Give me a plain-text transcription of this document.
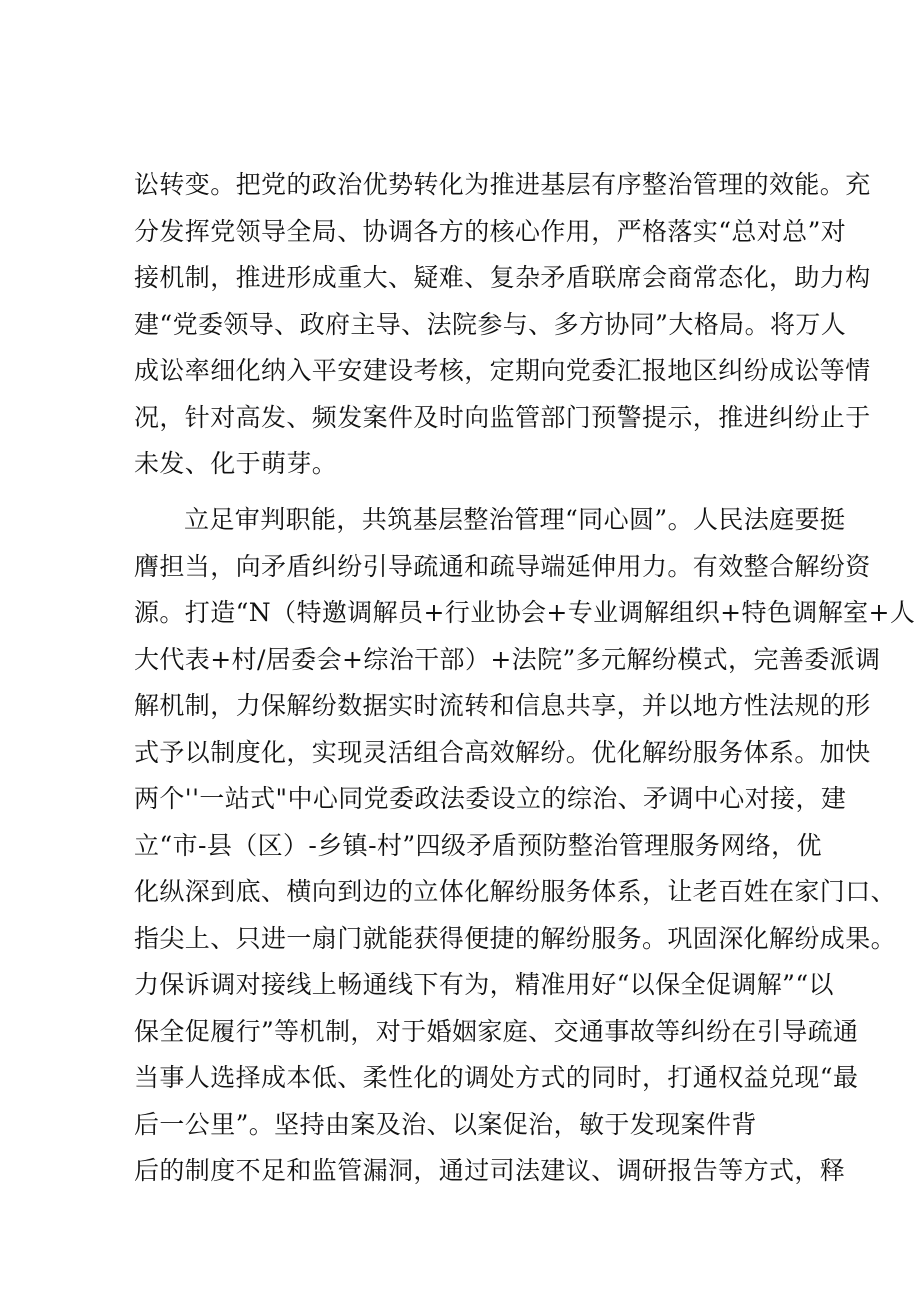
讼转变。把党的政治优势转化为推进基层有序整治管理的效能。充
分发挥党领导全局、协调各方的核心作用，严格落实“总对总”对
接机制，推进形成重大、疑难、复杂矛盾联席会商常态化，助力构
建“党委领导、政府主导、法院参与、多方协同”大格局。将万人
成讼率细化纳入平安建设考核，定期向党委汇报地区纠纷成讼等情
况，针对高发、频发案件及时向监管部门预警提示，推进纠纷止于
未发、化于萌芽。
立足审判职能，共筑基层整治管理“同心圆”。人民法庭要挺
膺担当，向矛盾纠纷引导疏通和疏导端延伸用力。有效整合解纷资
源。打造“N（特邀调解员+行业协会+专业调解组织+特色调解室+人
大代表+村/居委会+综治干部）+法院”多元解纷模式，完善委派调
解机制，力保解纷数据实时流转和信息共享，并以地方性法规的形
式予以制度化，实现灵活组合高效解纷。优化解纷服务体系。加快
两个''一站式"中心同党委政法委设立的综治、矛调中心对接，建
立“市-县（区）-乡镇-村”四级矛盾预防整治管理服务网络，优
化纵深到底、横向到边的立体化解纷服务体系，让老百姓在家门口、
指尖上、只进一扇门就能获得便捷的解纷服务。巩固深化解纷成果。
力保诉调对接线上畅通线下有为，精准用好“以保全促调解”“以
保全促履行”等机制，对于婚姻家庭、交通事故等纠纷在引导疏通
当事人选择成本低、柔性化的调处方式的同时，打通权益兑现“最
后一公里”。坚持由案及治、以案促治，敏于发现案件背
后的制度不足和监管漏洞，通过司法建议、调研报告等方式，释
